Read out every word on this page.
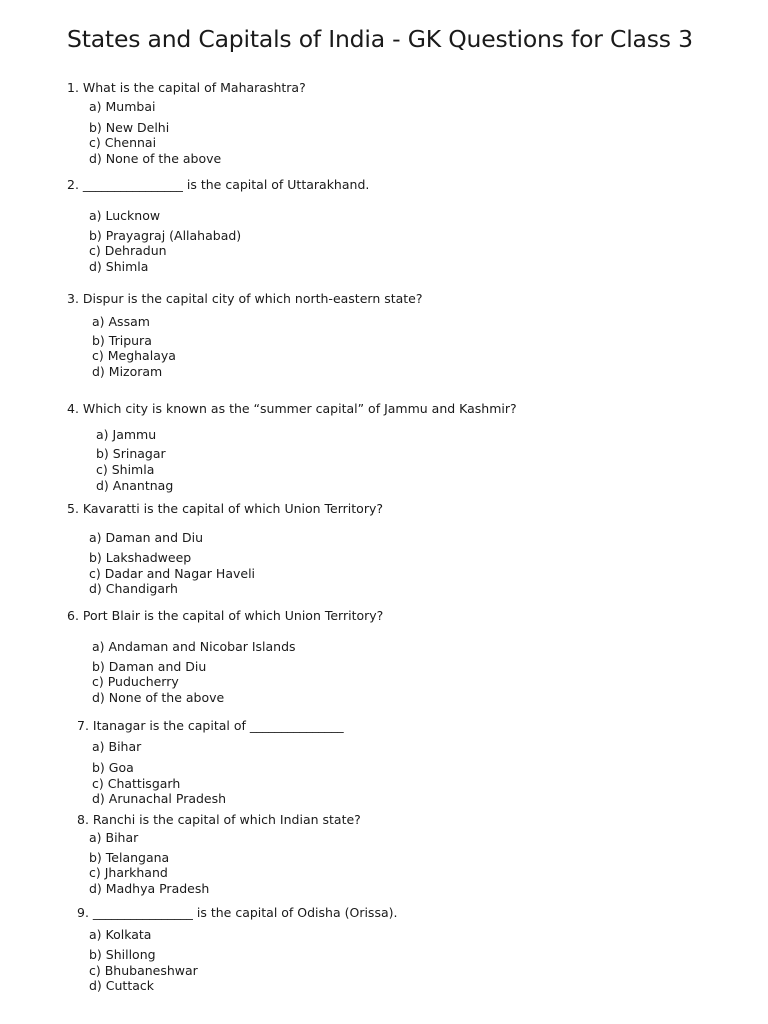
States and Capitals of India - GK Questions for Class 3

1. What is the capital of Maharashtra?

a) Mumbai

b) New Delhi

c) Chennai

d) None of the above

2. ________________ is the capital of Uttarakhand.

a) Lucknow

b) Prayagraj (Allahabad)

c) Dehradun

d) Shimla

3. Dispur is the capital city of which north-eastern state?

a) Assam

b) Tripura

c) Meghalaya

d) Mizoram

4. Which city is known as the “summer capital” of Jammu and Kashmir?

a) Jammu

b) Srinagar

c) Shimla

d) Anantnag

5. Kavaratti is the capital of which Union Territory?

a) Daman and Diu

b) Lakshadweep

c) Dadar and Nagar Haveli

d) Chandigarh

6. Port Blair is the capital of which Union Territory?

a) Andaman and Nicobar Islands

b) Daman and Diu

c) Puducherry

d) None of the above

7. Itanagar is the capital of _______________

a) Bihar

b) Goa

c) Chattisgarh

d) Arunachal Pradesh

8. Ranchi is the capital of which Indian state?

a) Bihar

b) Telangana

c) Jharkhand

d) Madhya Pradesh

9. ________________ is the capital of Odisha (Orissa).

a) Kolkata

b) Shillong

c) Bhubaneshwar

d) Cuttack
